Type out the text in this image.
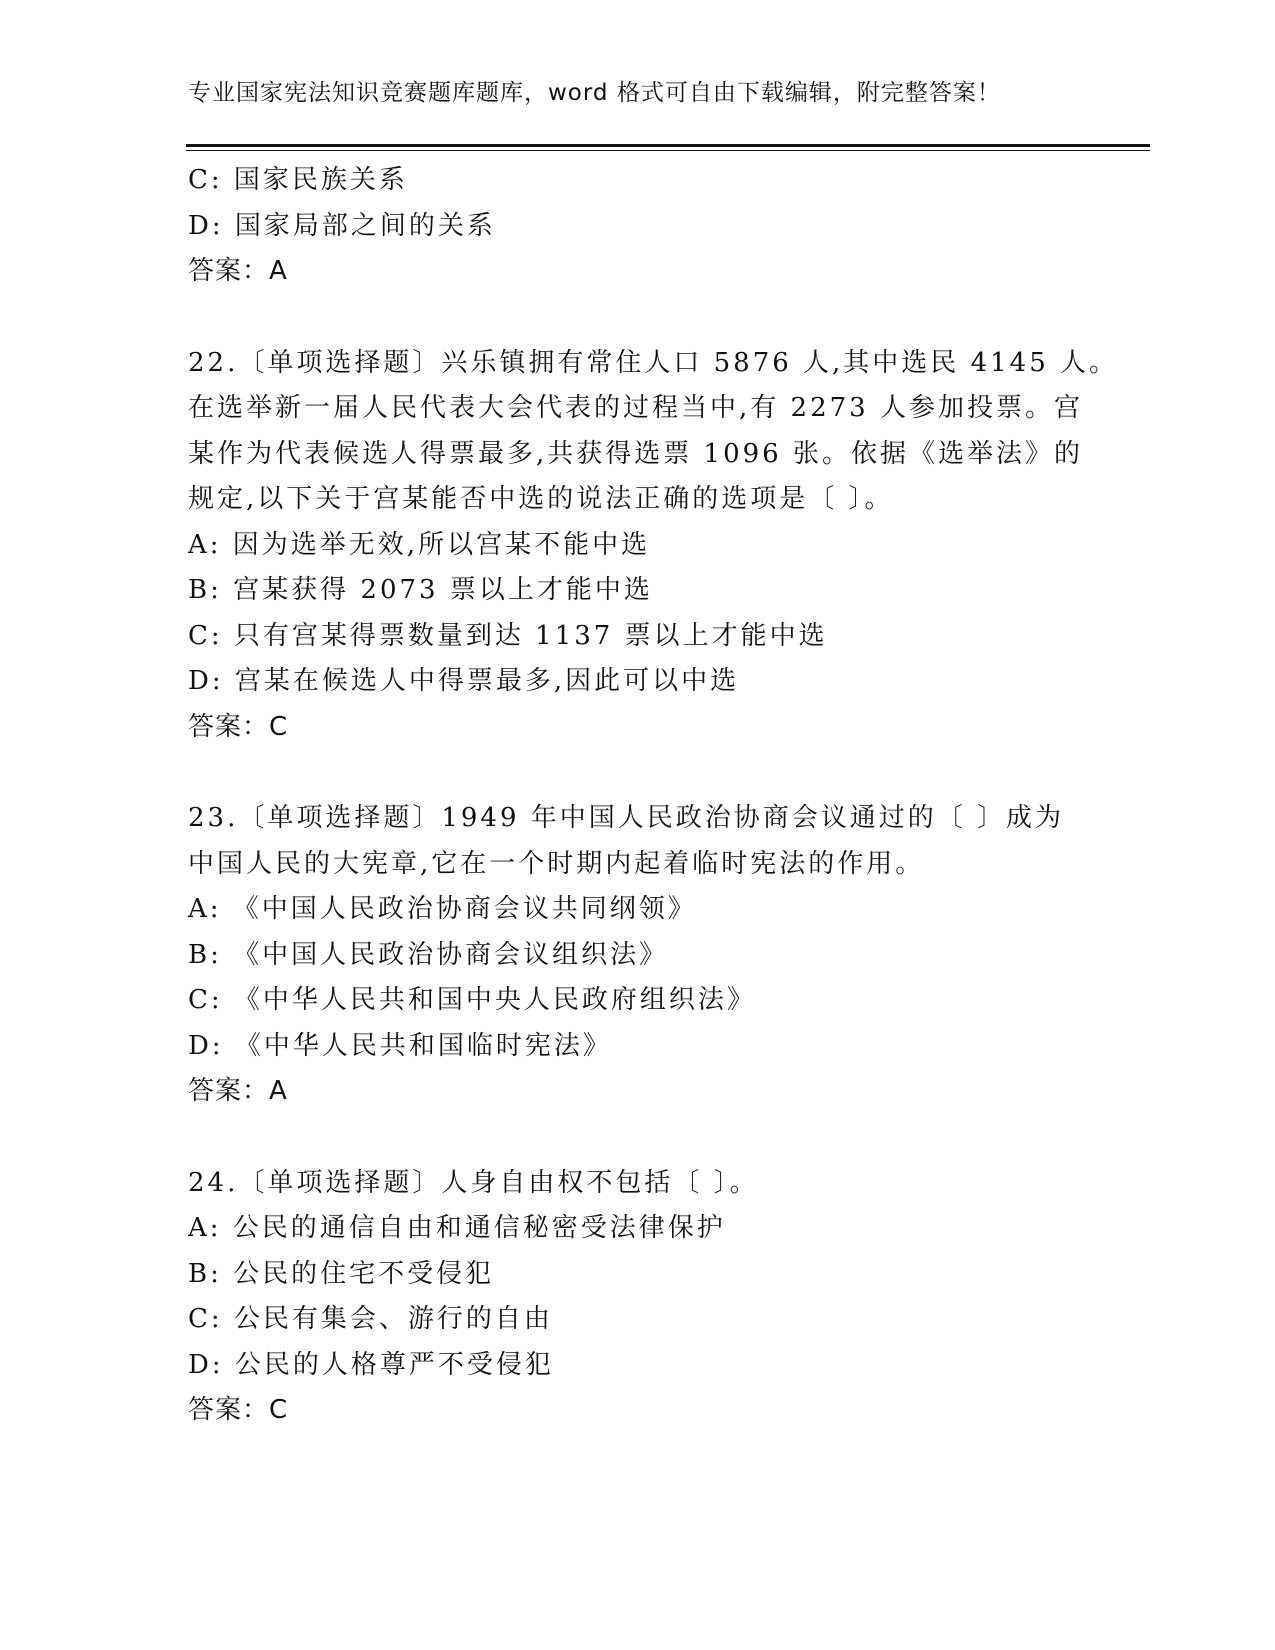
专业国家宪法知识竞赛题库题库，word 格式可自由下载编辑，附完整答案！
C: 国家民族关系
D: 国家局部之间的关系
答案：A
22.〔单项选择题〕兴乐镇拥有常住人口 5876 人,其中选民 4145 人。
在选举新一届人民代表大会代表的过程当中,有 2273 人参加投票。宫
某作为代表候选人得票最多,共获得选票 1096 张。依据《选举法》的
规定,以下关于宫某能否中选的说法正确的选项是〔 〕。
A: 因为选举无效,所以宫某不能中选
B: 宫某获得 2073 票以上才能中选
C: 只有宫某得票数量到达 1137 票以上才能中选
D: 宫某在候选人中得票最多,因此可以中选
答案：C
23.〔单项选择题〕1949 年中国人民政治协商会议通过的〔 〕成为
中国人民的大宪章,它在一个时期内起着临时宪法的作用。
A: 《中国人民政治协商会议共同纲领》
B: 《中国人民政治协商会议组织法》
C: 《中华人民共和国中央人民政府组织法》
D: 《中华人民共和国临时宪法》
答案：A
24.〔单项选择题〕人身自由权不包括〔 〕。
A: 公民的通信自由和通信秘密受法律保护
B: 公民的住宅不受侵犯
C: 公民有集会、游行的自由
D: 公民的人格尊严不受侵犯
答案：C
